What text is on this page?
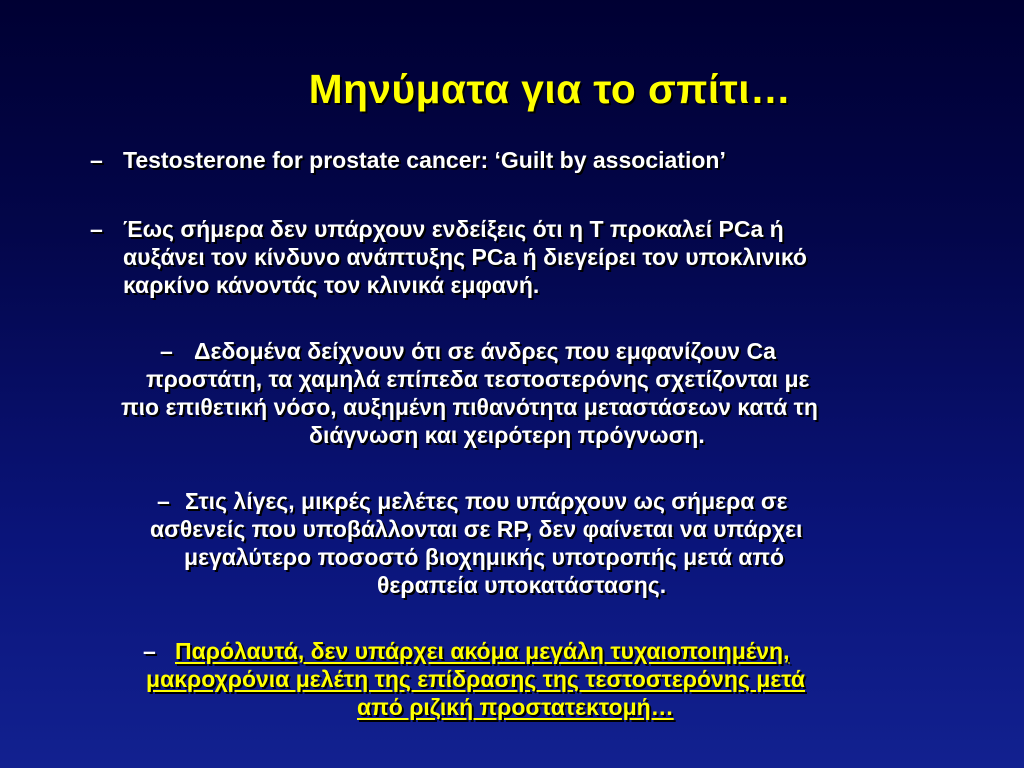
Μηνύματα για το σπίτι…
– Testosterone for prostate cancer: ‘Guilt by association’
– Έως σήμερα δεν υπάρχουν ενδείξεις ότι η Τ προκαλεί PCa ή
αυξάνει τον κίνδυνο ανάπτυξης PCa ή διεγείρει τον υποκλινικό
καρκίνο κάνοντάς τον κλινικά εμφανή.
– Δεδομένα δείχνουν ότι σε άνδρες που εμφανίζουν Ca
προστάτη, τα χαμηλά επίπεδα τεστοστερόνης σχετίζονται με
πιο επιθετική νόσο, αυξημένη πιθανότητα μεταστάσεων κατά τη
διάγνωση και χειρότερη πρόγνωση.
– Στις λίγες, μικρές μελέτες που υπάρχουν ως σήμερα σε
ασθενείς που υποβάλλονται σε RP, δεν φαίνεται να υπάρχει
μεγαλύτερο ποσοστό βιοχημικής υποτροπής μετά από
θεραπεία υποκατάστασης.
– Παρόλαυτά, δεν υπάρχει ακόμα μεγάλη τυχαιοποιημένη,
μακροχρόνια μελέτη της επίδρασης της τεστοστερόνης μετά
από ριζική προστατεκτομή…
